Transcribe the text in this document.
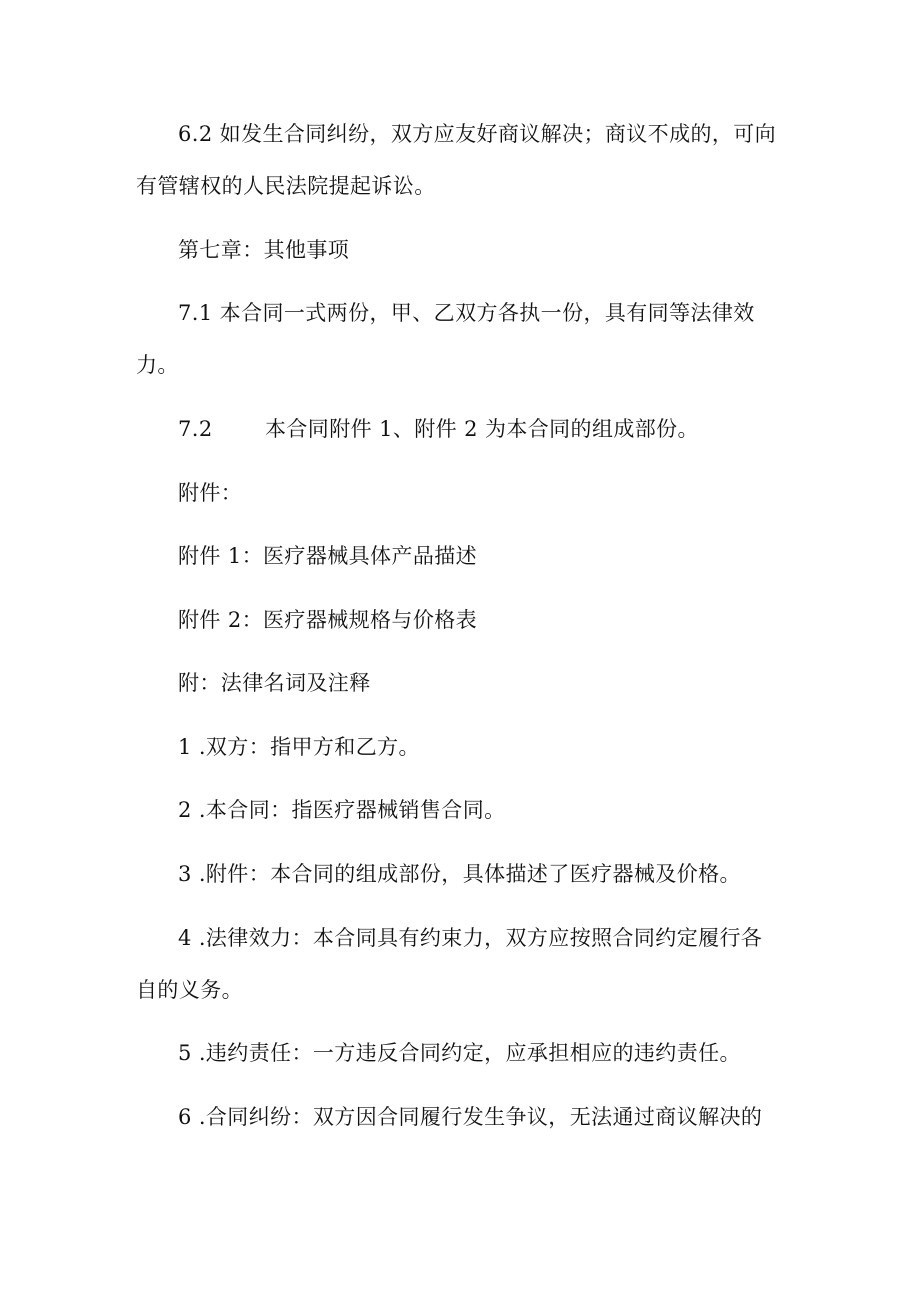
6.2 如发生合同纠纷，双方应友好商议解决；商议不成的，可向
有管辖权的人民法院提起诉讼。
第七章：其他事项
7.1 本合同一式两份，甲、乙双方各执一份，具有同等法律效
力。
7.2 本合同附件 1、附件 2 为本合同的组成部份。
附件：
附件 1：医疗器械具体产品描述
附件 2：医疗器械规格与价格表
附：法律名词及注释
1 .双方：指甲方和乙方。
2 .本合同：指医疗器械销售合同。
3 .附件：本合同的组成部份，具体描述了医疗器械及价格。
4 .法律效力：本合同具有约束力，双方应按照合同约定履行各
自的义务。
5 .违约责任：一方违反合同约定，应承担相应的违约责任。
6 .合同纠纷：双方因合同履行发生争议，无法通过商议解决的
